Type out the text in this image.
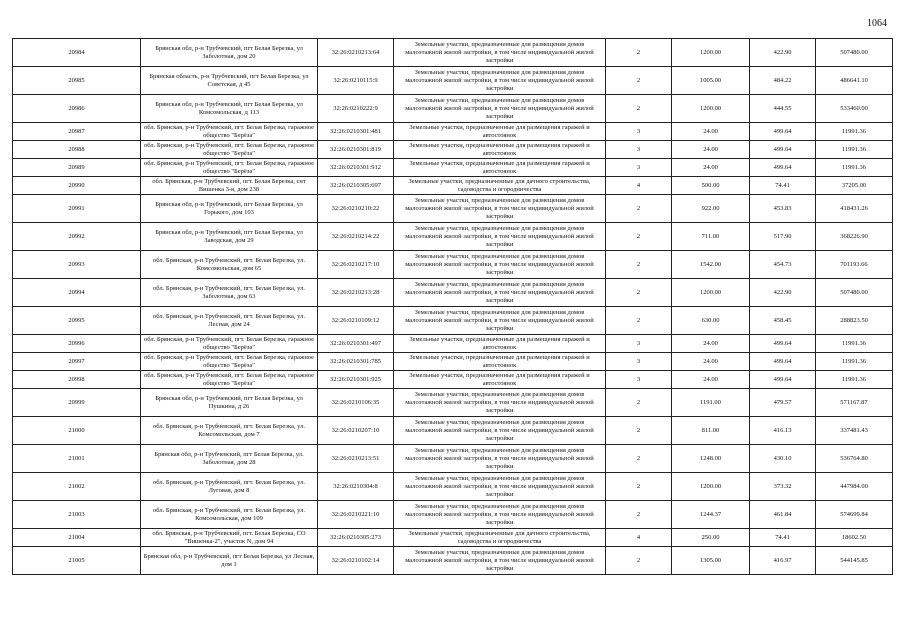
1064
20984	Брянская обл, р-н Трубчевский, пгт Белая Березка, ул Заболотная, дом 20	32:26:0210213:64	Земельные участки, предназначенные для размещения домов малоэтажной жилой застройки, в том числе индивидуальной жилой застройки	2	1200.00	422.90	507480.00
20985	Брянская область, р-н Трубчевский, пгт Белая Березка, ул Советская, д 45	32:26:0210115:9	Земельные участки, предназначенные для размещения домов малоэтажной жилой застройки, в том числе индивидуальной жилой застройки	2	1005.00	484.22	486641.10
20986	Брянская обл, р-н Трубчевский, пгт Белая Березка, ул Комсомольская, д 113	32:26:0210222:9	Земельные участки, предназначенные для размещения домов малоэтажной жилой застройки, в том числе индивидуальной жилой застройки	2	1200.00	444.55	533460.00
20987	обл. Брянская, р-н Трубчевский, пгт. Белая Березка, гаражное общество "Берёза"	32:26:0210301:481	Земельные участки, предназначенные для размещения гаражей и автостоянок	3	24.00	499.64	11991.36
20988	обл. Брянская, р-н Трубчевский, пгт. Белая Березка, гаражное общество "Берёза"	32:26:0210301:819	Земельные участки, предназначенные для размещения гаражей и автостоянок	3	24.00	499.64	11991.36
20989	обл. Брянская, р-н Трубчевский, пгт. Белая Березка, гаражное общество "Берёза"	32:26:0210301:912	Земельные участки, предназначенные для размещения гаражей и автостоянок	3	24.00	499.64	11991.36
20990	обл. Брянская, р-н Трубчевский, пгт. Белая Березка, снт Вишенка 3-я, дом 238	32:26:0210305:697	Земельные участки, предназначенные для дачного строительства, садоводства и огородничества	4	500.00	74.41	37205.00
20991	Брянская обл, р-н Трубчевский, пгт Белая Березка, ул Горького, дом 103	32:26:0210210:22	Земельные участки, предназначенные для размещения домов малоэтажной жилой застройки, в том числе индивидуальной жилой застройки	2	922.00	453.83	418431.26
20992	Брянская обл, р-н Трубчевский, пгт Белая Березка, ул Заводская, дом 29	32:26:0210214:22	Земельные участки, предназначенные для размещения домов малоэтажной жилой застройки, в том числе индивидуальной жилой застройки	2	711.00	517.90	368226.90
20993	обл. Брянская, р-н Трубчевский, пгт. Белая Березка, ул. Комсомольская, дом 65	32:26:0210217:10	Земельные участки, предназначенные для размещения домов малоэтажной жилой застройки, в том числе индивидуальной жилой застройки	2	1542.00	454.73	701193.66
20994	обл. Брянская, р-н Трубчевский, пгт. Белая Березка, ул. Заболотная, дом 63	32:26:0210213:28	Земельные участки, предназначенные для размещения домов малоэтажной жилой застройки, в том числе индивидуальной жилой застройки	2	1200.00	422.90	507480.00
20995	обл. Брянская, р-н Трубчевский, пгт. Белая Березка, ул. Лесная, дом 24	32:26:0210109:12	Земельные участки, предназначенные для размещения домов малоэтажной жилой застройки, в том числе индивидуальной жилой застройки	2	630.00	458.45	288823.50
20996	обл. Брянская, р-н Трубчевский, пгт. Белая Березка, гаражное общество "Берёза"	32:26:0210301:497	Земельные участки, предназначенные для размещения гаражей и автостоянок	3	24.00	499.64	11991.36
20997	обл. Брянская, р-н Трубчевский, пгт. Белая Березка, гаражное общество "Берёза"	32:26:0210301:785	Земельные участки, предназначенные для размещения гаражей и автостоянок	3	24.00	499.64	11991.36
20998	обл. Брянская, р-н Трубчевский, пгт. Белая Березка, гаражное общество "Берёза"	32:26:0210301:925	Земельные участки, предназначенные для размещения гаражей и автостоянок	3	24.00	499.64	11991.36
20999	Брянская обл, р-н Трубчевский, пгт Белая Березка, ул Пушкина, д 26	32:26:0210106:35	Земельные участки, предназначенные для размещения домов малоэтажной жилой застройки, в том числе индивидуальной жилой застройки	2	1191.00	479.57	571167.87
21000	обл. Брянская, р-н Трубчевский, пгт. Белая Березка, ул. Комсомольская, дом 7	32:26:0210207:10	Земельные участки, предназначенные для размещения домов малоэтажной жилой застройки, в том числе индивидуальной жилой застройки	2	811.00	416.13	337481.43
21001	Брянская обл, р-н Трубчевский, пгт Белая Березка, ул. Заболотная, дом 28	32:26:0210213:51	Земельные участки, предназначенные для размещения домов малоэтажной жилой застройки, в том числе индивидуальной жилой застройки	2	1248.00	430.10	536764.80
21002	обл. Брянская, р-н Трубчевский, пгт. Белая Березка, ул. Луговая, дом 8	32:26:0210304:8	Земельные участки, предназначенные для размещения домов малоэтажной жилой застройки, в том числе индивидуальной жилой застройки	2	1200.00	373.32	447984.00
21003	обл. Брянская, р-н Трубчевский, пгт. Белая Березка, ул. Комсомольская, дом 109	32:26:0210221:10	Земельные участки, предназначенные для размещения домов малоэтажной жилой застройки, в том числе индивидуальной жилой застройки	2	1244.37	461.84	574699.84
21004	обл. Брянская, р-н Трубчевский, пгт. Белая Березка, СО "Вишенка-2", участок N, дом 94	32:26:0210305:273	Земельные участки, предназначенные для дачного строительства, садоводства и огородничества	4	250.00	74.41	18602.50
21005	Брянская обл, р-н Трубчевский, пгт Белая Березка, ул Лесная, дом 1	32:26:0210102:14	Земельные участки, предназначенные для размещения домов малоэтажной жилой застройки, в том числе индивидуальной жилой застройки	2	1305.00	416.97	544145.85
